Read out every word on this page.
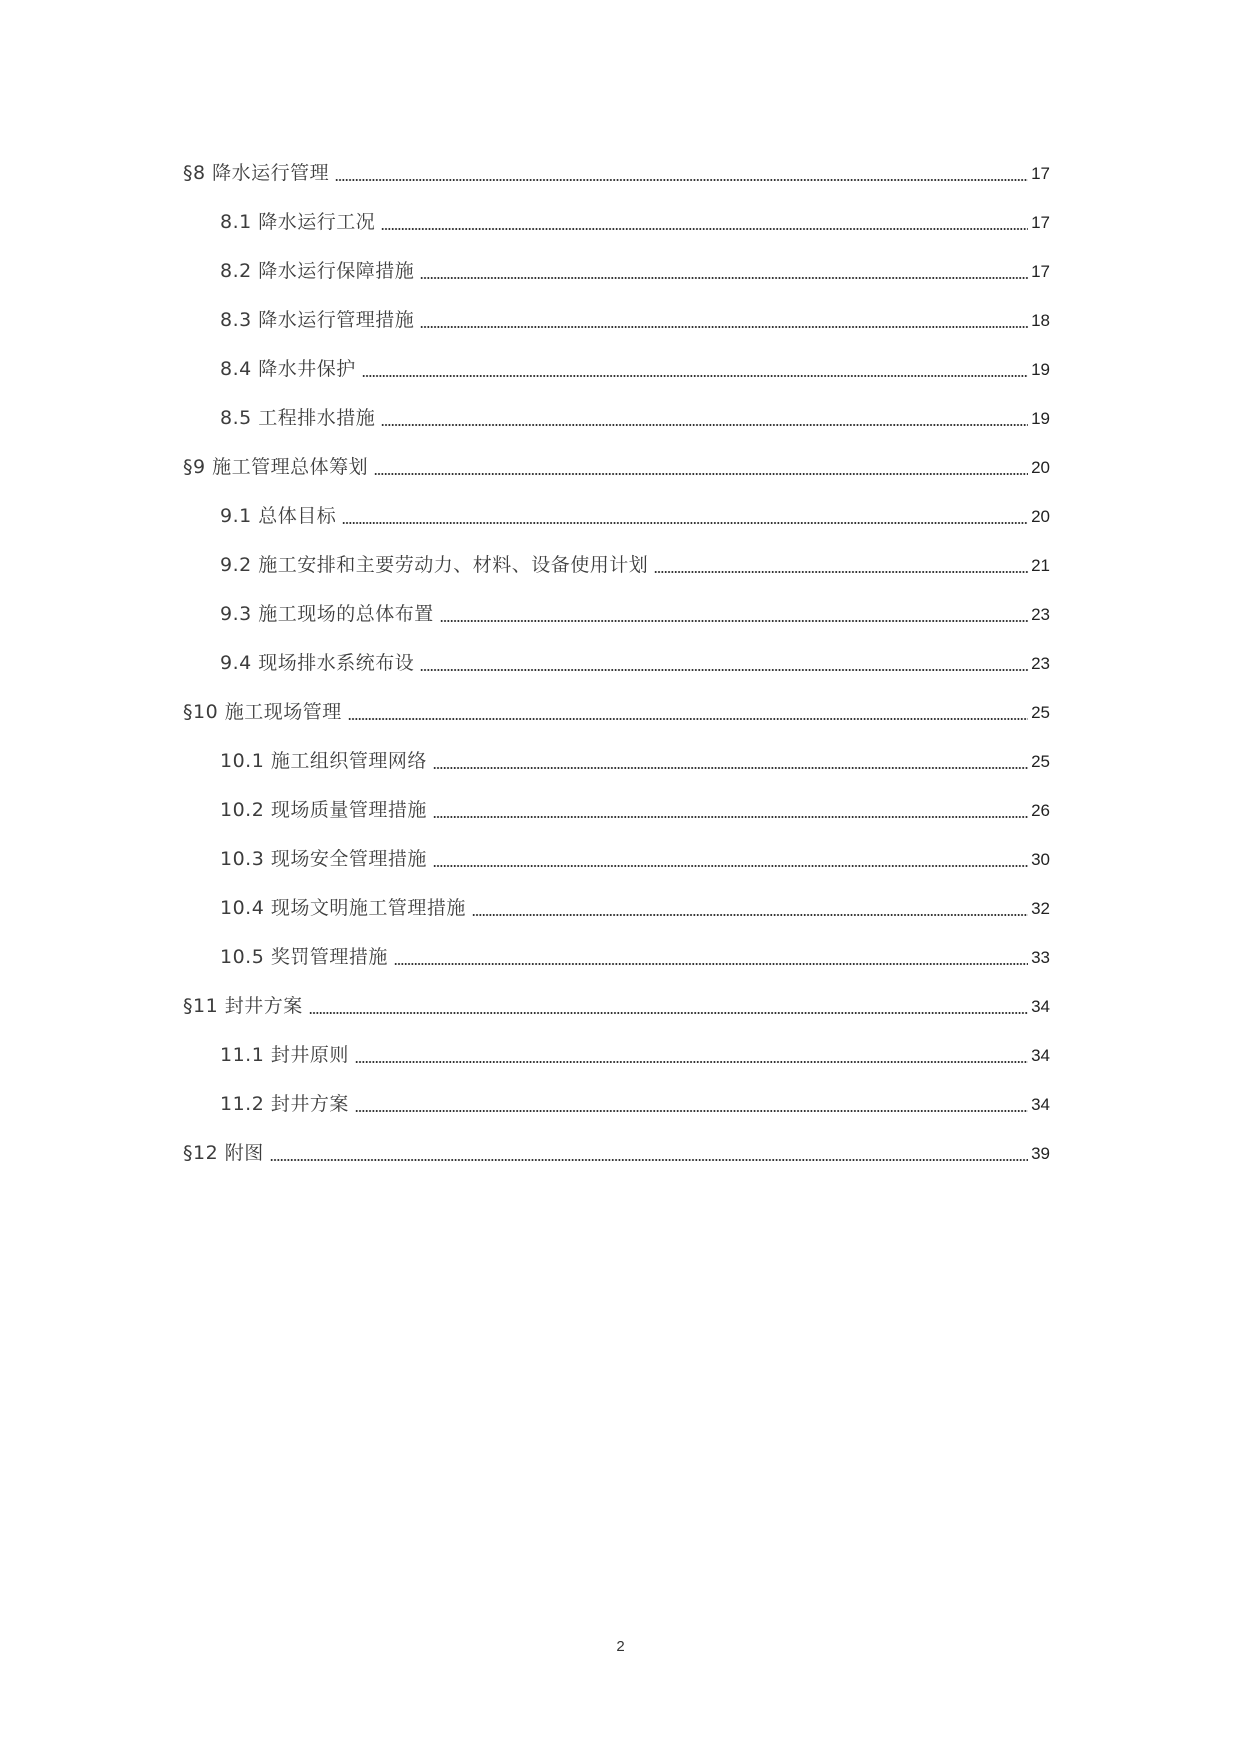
§8 降水运行管理	17
8.1 降水运行工况	17
8.2 降水运行保障措施	17
8.3 降水运行管理措施	18
8.4 降水井保护	19
8.5 工程排水措施	19
§9 施工管理总体筹划	20
9.1 总体目标	20
9.2 施工安排和主要劳动力、材料、设备使用计划	21
9.3 施工现场的总体布置	23
9.4 现场排水系统布设	23
§10 施工现场管理	25
10.1 施工组织管理网络	25
10.2 现场质量管理措施	26
10.3 现场安全管理措施	30
10.4 现场文明施工管理措施	32
10.5 奖罚管理措施	33
§11 封井方案	34
11.1 封井原则	34
11.2 封井方案	34
§12 附图	39
2
